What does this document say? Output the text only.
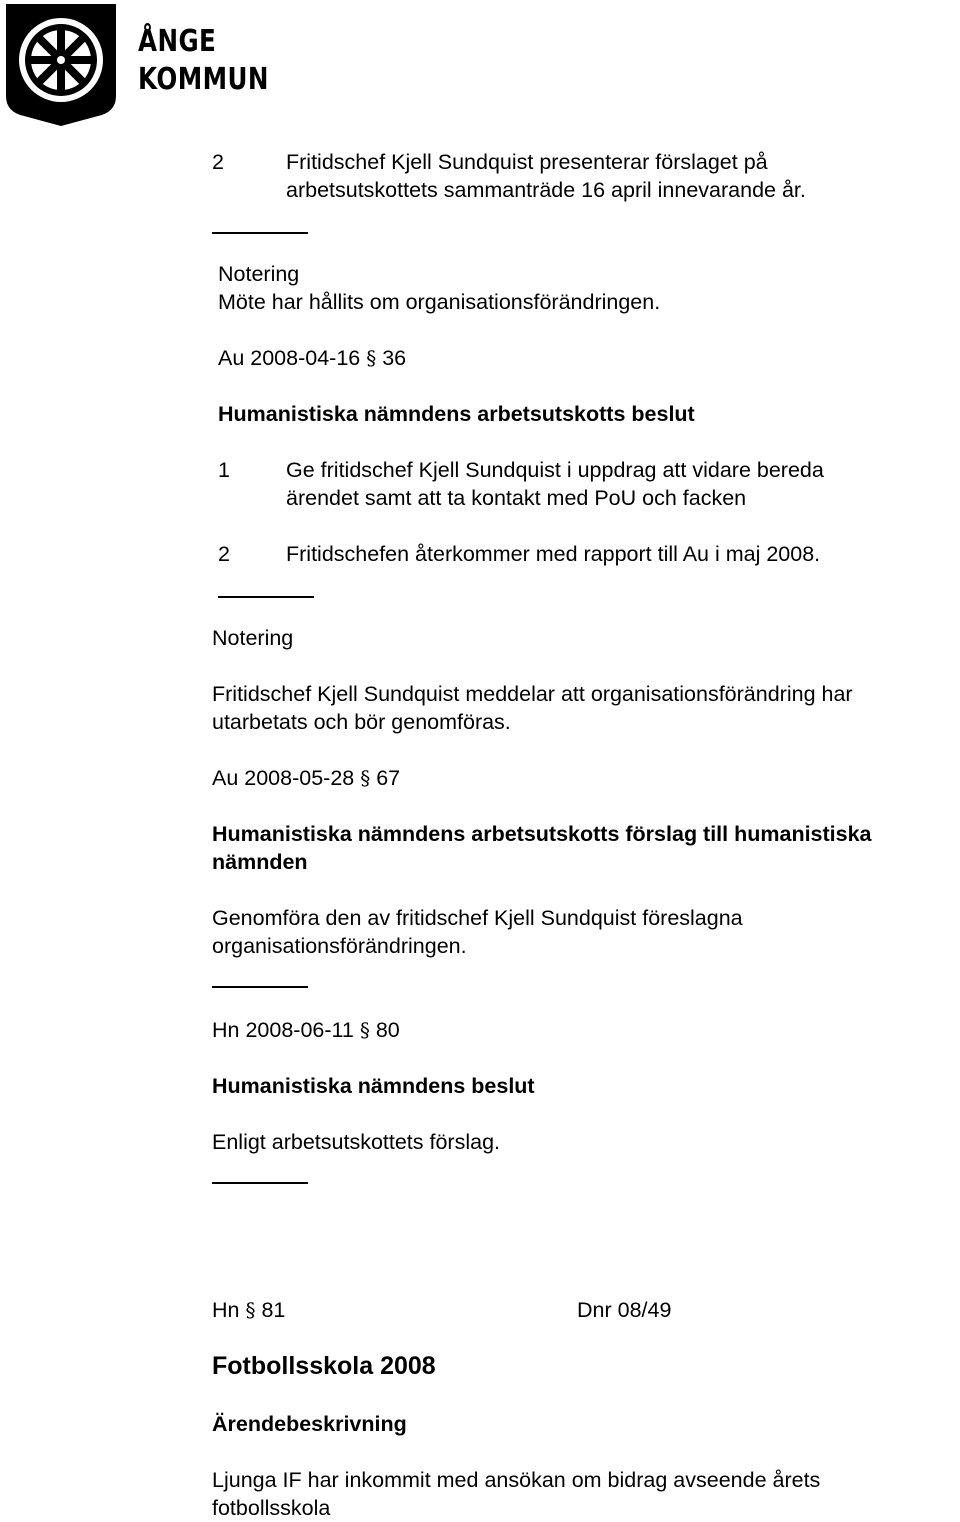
ÅNGE
KOMMUN
2	Fritidschef Kjell Sundquist presenterar förslaget på
arbetsutskottets sammanträde 16 april innevarande år.
Notering
Möte har hållits om organisationsförändringen.
Au 2008-04-16 § 36
Humanistiska nämndens arbetsutskotts beslut
1	Ge fritidschef Kjell Sundquist i uppdrag att vidare bereda
ärendet samt att ta kontakt med PoU och facken
2	Fritidschefen återkommer med rapport till Au i maj 2008.
Notering
Fritidschef Kjell Sundquist meddelar att organisationsförändring har
utarbetats och bör genomföras.
Au 2008-05-28 § 67
Humanistiska nämndens arbetsutskotts förslag till humanistiska
nämnden
Genomföra den av fritidschef Kjell Sundquist föreslagna
organisationsförändringen.
Hn 2008-06-11 § 80
Humanistiska nämndens beslut
Enligt arbetsutskottets förslag.
Hn § 81	Dnr 08/49
Fotbollsskola 2008
Ärendebeskrivning
Ljunga IF har inkommit med ansökan om bidrag avseende årets
fotbollsskola
